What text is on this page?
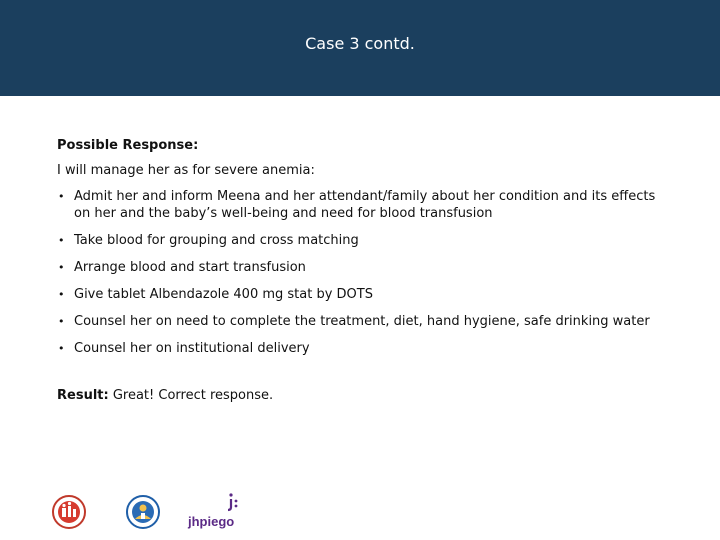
Case 3 contd.
Possible Response:
I will manage her as for severe anemia:
• Admit her and inform Meena and her attendant/family about her condition and its effects on her and the baby’s well-being and need for blood transfusion
• Take blood for grouping and cross matching
• Arrange blood and start transfusion
• Give tablet Albendazole 400 mg stat by DOTS
• Counsel her on need to complete the treatment, diet, hand hygiene, safe drinking water
• Counsel her on institutional delivery
Result: Great! Correct response.
jhpiego
